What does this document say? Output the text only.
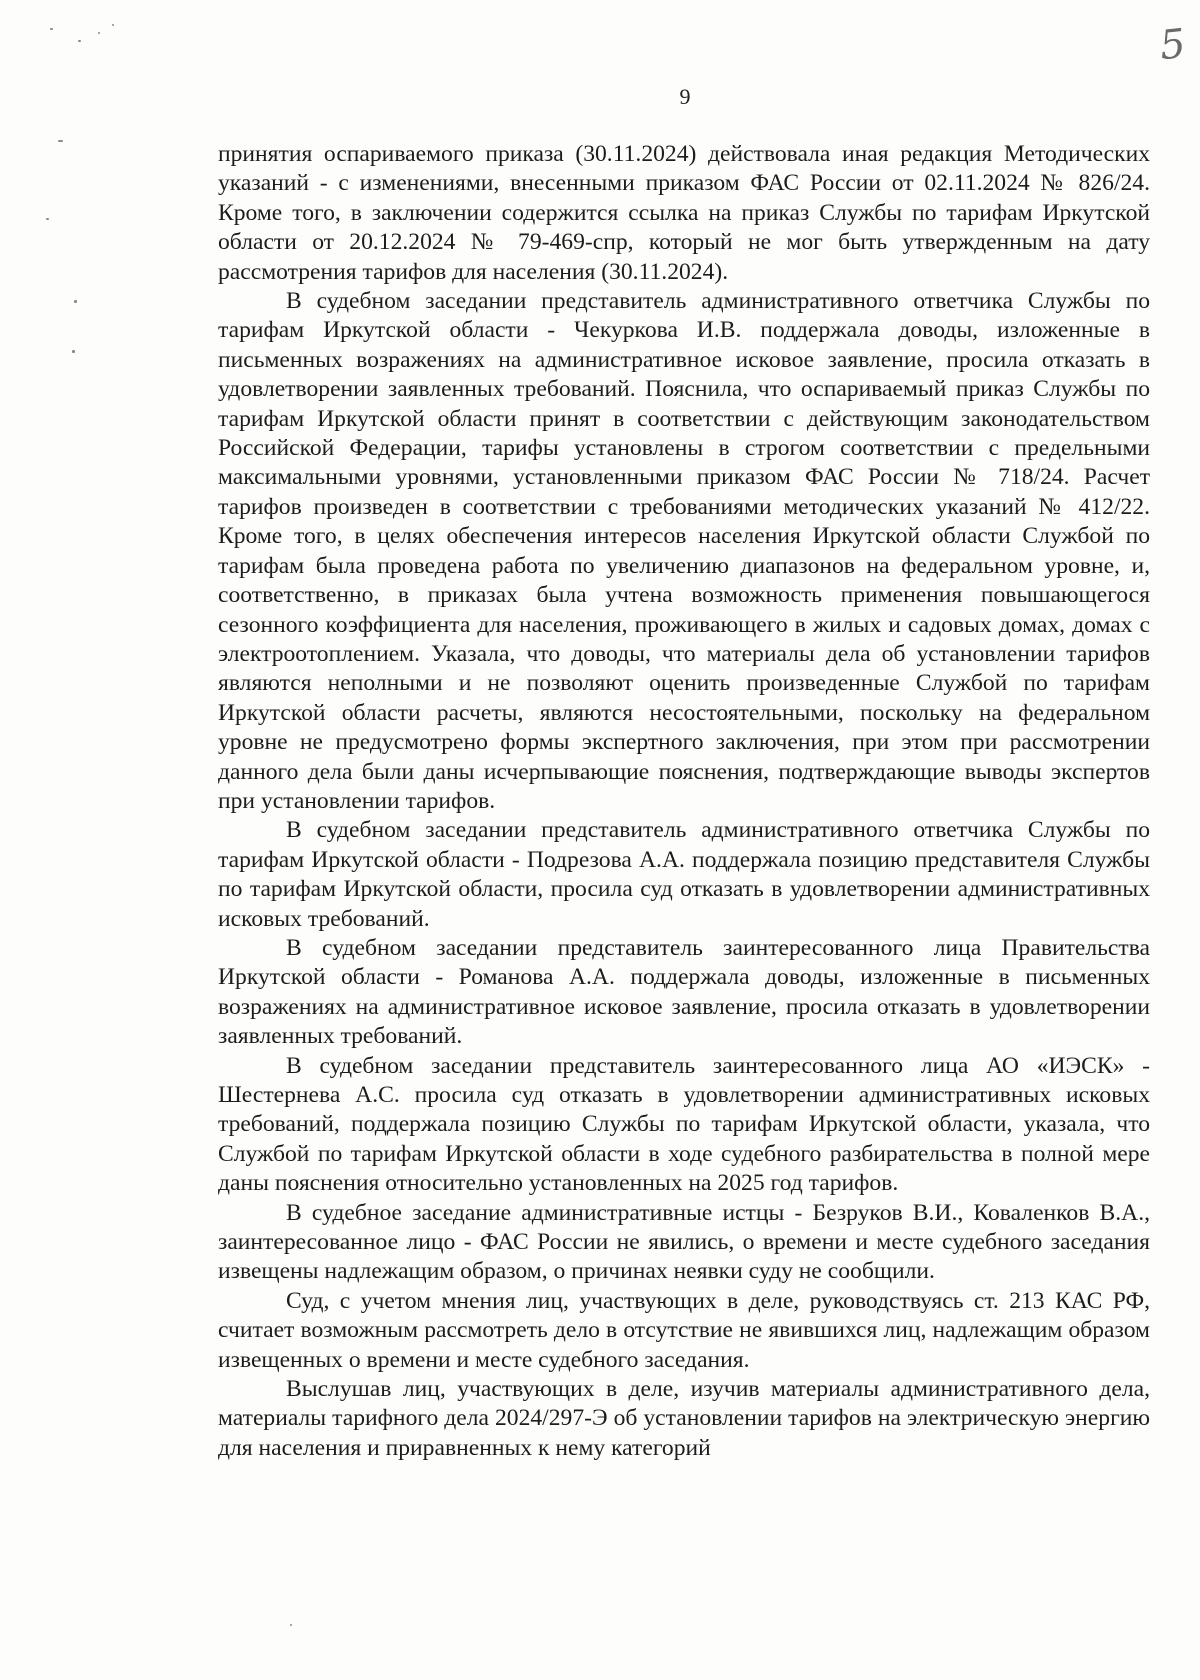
5
9

принятия оспариваемого приказа (30.11.2024) действовала иная редакция Методических указаний - с изменениями, внесенными приказом ФАС России от 02.11.2024 № 826/24. Кроме того, в заключении содержится ссылка на приказ Службы по тарифам Иркутской области от 20.12.2024 № 79-469-спр, который не мог быть утвержденным на дату рассмотрения тарифов для населения (30.11.2024).

В судебном заседании представитель административного ответчика Службы по тарифам Иркутской области - Чекуркова И.В. поддержала доводы, изложенные в письменных возражениях на административное исковое заявление, просила отказать в удовлетворении заявленных требований. Пояснила, что оспариваемый приказ Службы по тарифам Иркутской области принят в соответствии с действующим законодательством Российской Федерации, тарифы установлены в строгом соответствии с предельными максимальными уровнями, установленными приказом ФАС России № 718/24. Расчет тарифов произведен в соответствии с требованиями методических указаний № 412/22. Кроме того, в целях обеспечения интересов населения Иркутской области Службой по тарифам была проведена работа по увеличению диапазонов на федеральном уровне, и, соответственно, в приказах была учтена возможность применения повышающегося сезонного коэффициента для населения, проживающего в жилых и садовых домах, домах с электроотоплением. Указала, что доводы, что материалы дела об установлении тарифов являются неполными и не позволяют оценить произведенные Службой по тарифам Иркутской области расчеты, являются несостоятельными, поскольку на федеральном уровне не предусмотрено формы экспертного заключения, при этом при рассмотрении данного дела были даны исчерпывающие пояснения, подтверждающие выводы экспертов при установлении тарифов.

В судебном заседании представитель административного ответчика Службы по тарифам Иркутской области - Подрезова А.А. поддержала позицию представителя Службы по тарифам Иркутской области, просила суд отказать в удовлетворении административных исковых требований.

В судебном заседании представитель заинтересованного лица Правительства Иркутской области - Романова А.А. поддержала доводы, изложенные в письменных возражениях на административное исковое заявление, просила отказать в удовлетворении заявленных требований.

В судебном заседании представитель заинтересованного лица АО «ИЭСК» - Шестернева А.С. просила суд отказать в удовлетворении административных исковых требований, поддержала позицию Службы по тарифам Иркутской области, указала, что Службой по тарифам Иркутской области в ходе судебного разбирательства в полной мере даны пояснения относительно установленных на 2025 год тарифов.

В судебное заседание административные истцы - Безруков В.И., Коваленков В.А., заинтересованное лицо - ФАС России не явились, о времени и месте судебного заседания извещены надлежащим образом, о причинах неявки суду не сообщили.

Суд, с учетом мнения лиц, участвующих в деле, руководствуясь ст. 213 КАС РФ, считает возможным рассмотреть дело в отсутствие не явившихся лиц, надлежащим образом извещенных о времени и месте судебного заседания.

Выслушав лиц, участвующих в деле, изучив материалы административного дела, материалы тарифного дела 2024/297-Э об установлении тарифов на электрическую энергию для населения и приравненных к нему категорий
